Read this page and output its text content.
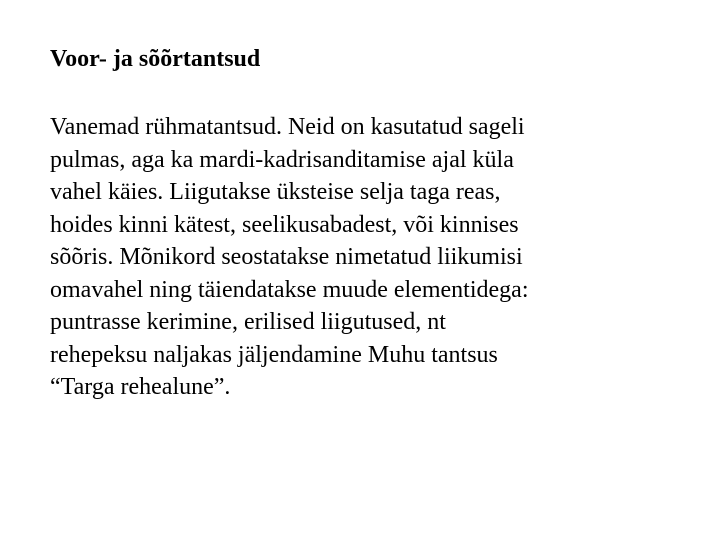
Voor- ja sõõrtantsud

Vanemad rühmatantsud. Neid on kasutatud sageli
pulmas, aga ka mardi-kadrisanditamise ajal küla
vahel käies. Liigutakse üksteise selja taga reas,
hoides kinni kätest, seelikusabadest, või kinnises
sõõris. Mõnikord seostatakse nimetatud liikumisi
omavahel ning täiendatakse muude elementidega:
puntrasse kerimine, erilised liigutused, nt
rehepeksu naljakas jäljendamine Muhu tantsus
“Targa rehealune”.
